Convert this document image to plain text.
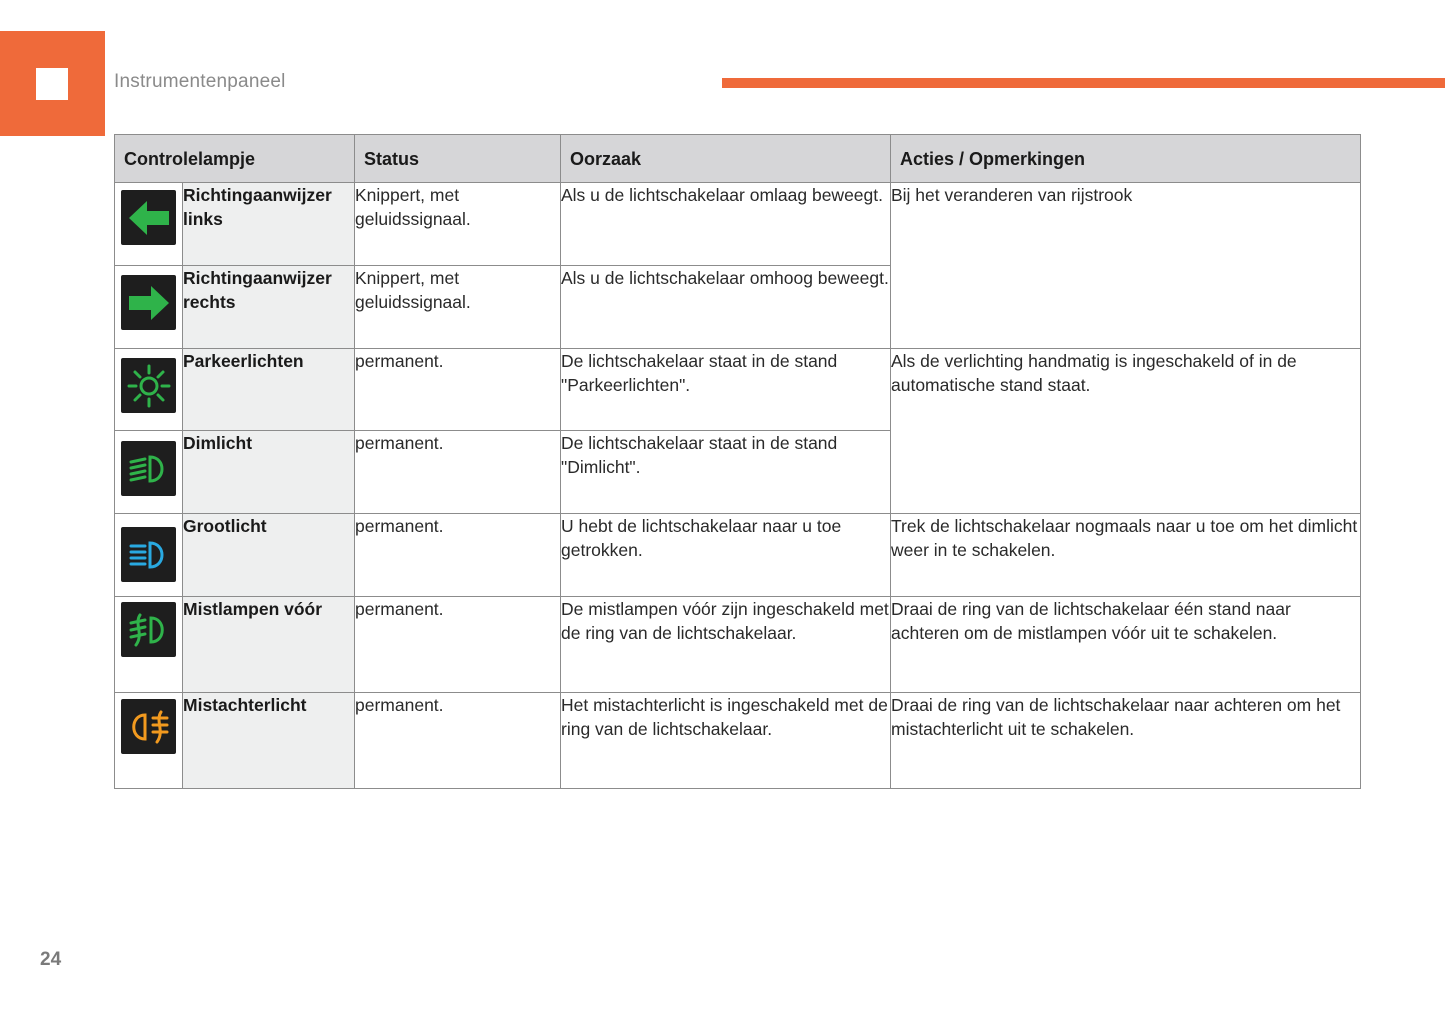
Instrumentenpaneel
Controlelampje		Status	Oorzaak	Acties / Opmerkingen

	Richtingaanwijzer links	Knippert, met geluidssignaal.	Als u de lichtschakelaar omlaag beweegt.	Bij het veranderen van rijstrook

	Richtingaanwijzer rechts	Knippert, met geluidssignaal.	Als u de lichtschakelaar omhoog beweegt.	

	Parkeerlichten	permanent.	De lichtschakelaar staat in de stand "Parkeerlichten".	Als de verlichting handmatig is ingeschakeld of in de automatische stand staat.

	Dimlicht	permanent.	De lichtschakelaar staat in de stand "Dimlicht".	

	Grootlicht	permanent.	U hebt de lichtschakelaar naar u toe getrokken.	Trek de lichtschakelaar nogmaals naar u toe om het dimlicht weer in te schakelen.

	Mistlampen vóór	permanent.	De mistlampen vóór zijn ingeschakeld met de ring van de lichtschakelaar.	Draai de ring van de lichtschakelaar één stand naar achteren om de mistlampen vóór uit te schakelen.

	Mistachterlicht	permanent.	Het mistachterlicht is ingeschakeld met de ring van de lichtschakelaar.	Draai de ring van de lichtschakelaar naar achteren om het mistachterlicht uit te schakelen.
24
